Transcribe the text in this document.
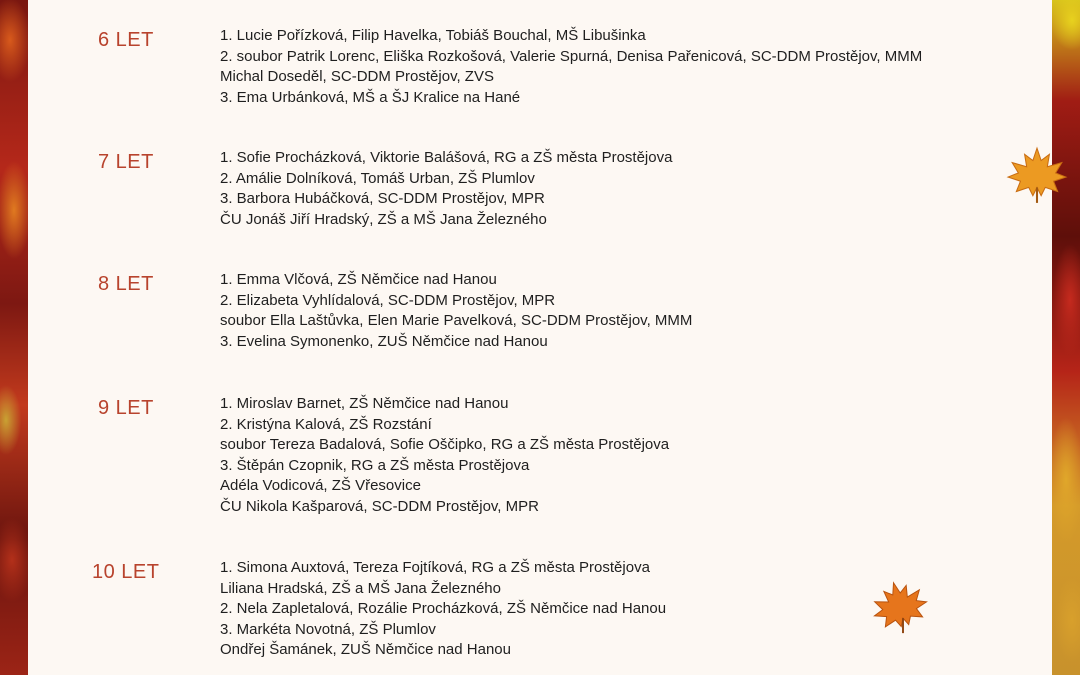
6 LET	1. Lucie Pořízková, Filip Havelka, Tobiáš Bouchal, MŠ Libušinka
2. soubor Patrik Lorenc, Eliška Rozkošová, Valerie Spurná, Denisa Pařenicová, SC-DDM Prostějov, MMM
Michal Doseděl, SC-DDM Prostějov, ZVS
3. Ema Urbánková, MŠ a ŠJ Kralice na Hané
7 LET	1. Sofie Procházková, Viktorie Balášová, RG a ZŠ města Prostějova
2. Amálie Dolníková, Tomáš Urban, ZŠ Plumlov
3. Barbora Hubáčková, SC-DDM Prostějov, MPR
ČU Jonáš Jiří Hradský, ZŠ a MŠ Jana Železného
8 LET	1. Emma Vlčová, ZŠ Němčice nad Hanou
2. Elizabeta Vyhlídalová, SC-DDM Prostějov, MPR
soubor Ella Laštůvka, Elen Marie Pavelková, SC-DDM Prostějov, MMM
3. Evelina Symonenko, ZUŠ Němčice nad Hanou
9 LET	1. Miroslav Barnet, ZŠ Němčice nad Hanou
2. Kristýna Kalová, ZŠ Rozstání
soubor Tereza Badalová, Sofie Oščipko, RG a ZŠ města Prostějova
3. Štěpán Czopnik, RG a ZŠ města Prostějova
Adéla Vodicová, ZŠ Vřesovice
ČU Nikola Kašparová, SC-DDM Prostějov, MPR
10 LET	1. Simona Auxtová, Tereza Fojtíková, RG a ZŠ města Prostějova
Liliana Hradská, ZŠ a MŠ Jana Železného
2. Nela Zapletalová, Rozálie Procházková, ZŠ Němčice nad Hanou
3. Markéta Novotná, ZŠ Plumlov
Ondřej Šamánek, ZUŠ Němčice nad Hanou
